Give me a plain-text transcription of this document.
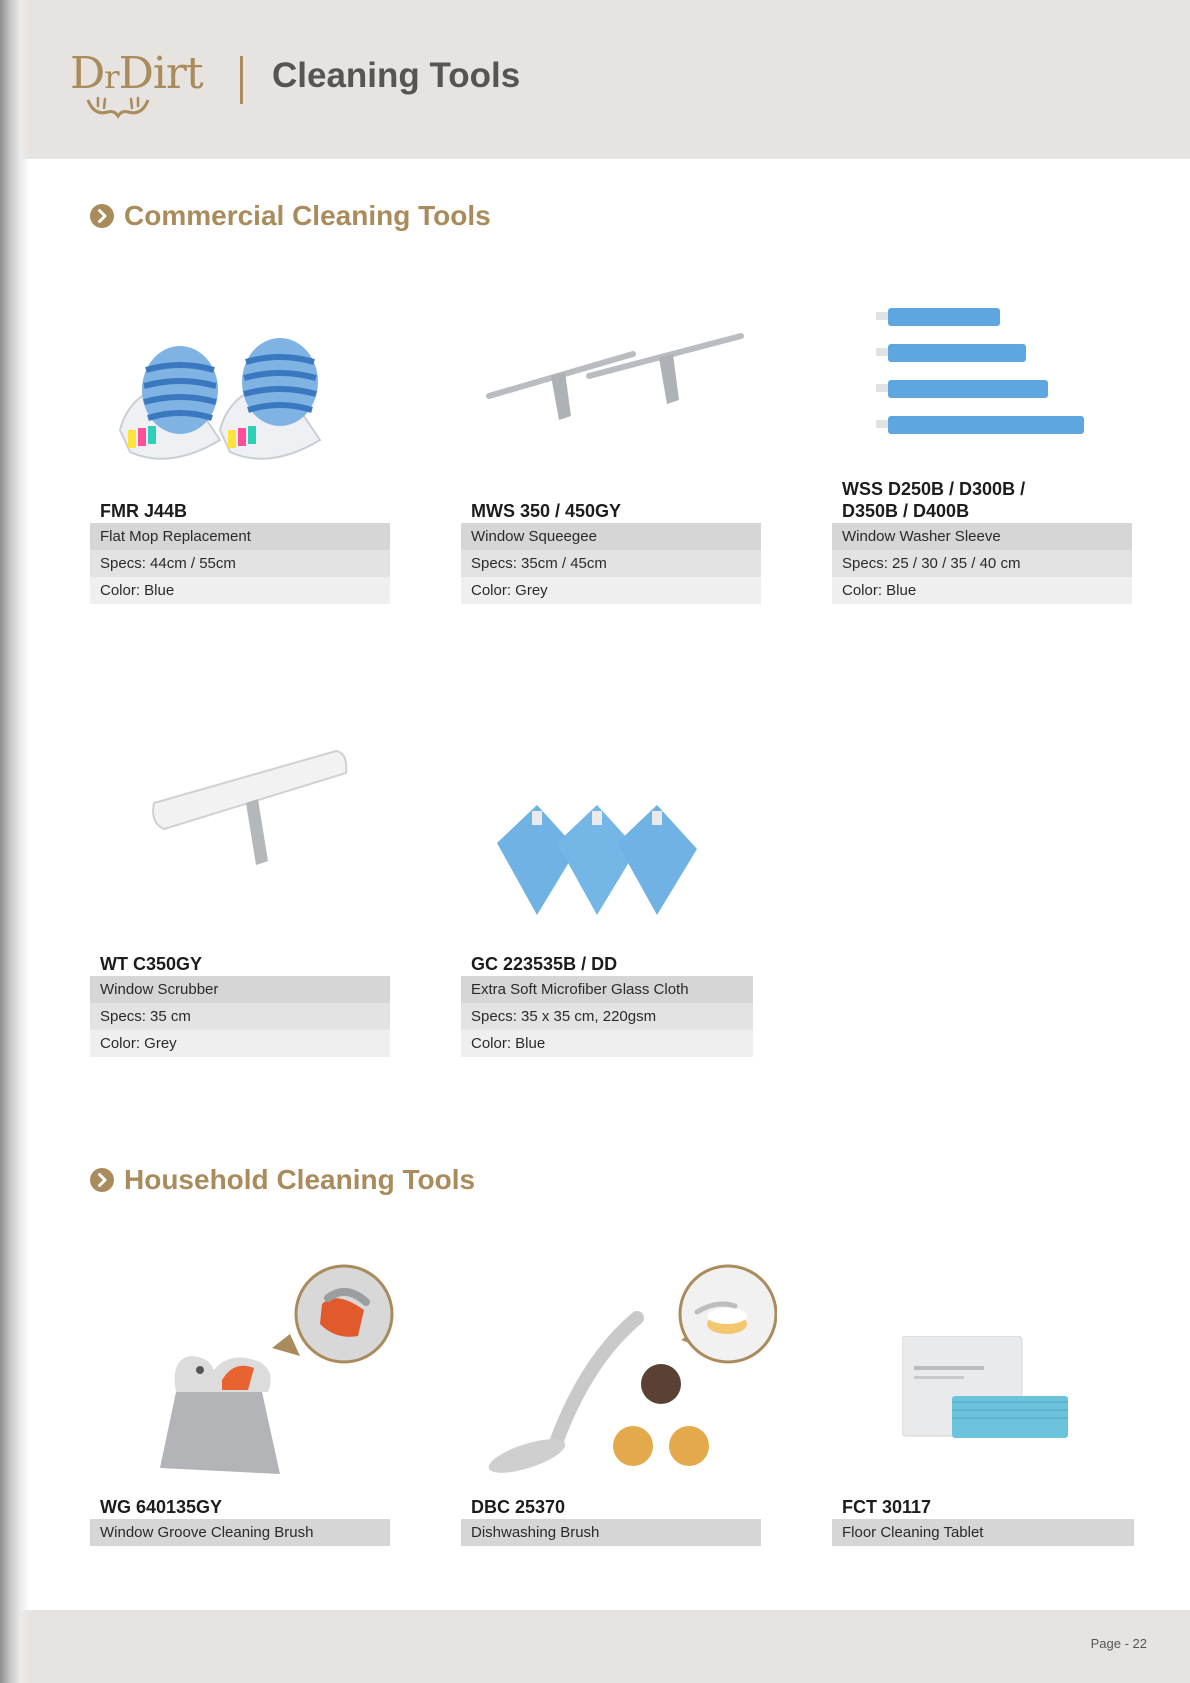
DrDirt Cleaning Tools
Commercial Cleaning Tools
FMR J44B
Flat Mop Replacement
Specs: 44cm / 55cm
Color: Blue
MWS 350 / 450GY
Window Squeegee
Specs: 35cm / 45cm
Color: Grey
WSS D250B / D300B /
D350B / D400B
Window Washer Sleeve
Specs: 25 / 30 / 35 / 40 cm
Color: Blue
WT C350GY
Window Scrubber
Specs: 35 cm
Color: Grey
GC 223535B / DD
Extra Soft Microfiber Glass Cloth
Specs: 35 x 35 cm, 220gsm
Color: Blue
Household Cleaning Tools
WG 640135GY
Window Groove Cleaning Brush
DBC 25370
Dishwashing Brush
FCT 30117
Floor Cleaning Tablet
Page - 22
